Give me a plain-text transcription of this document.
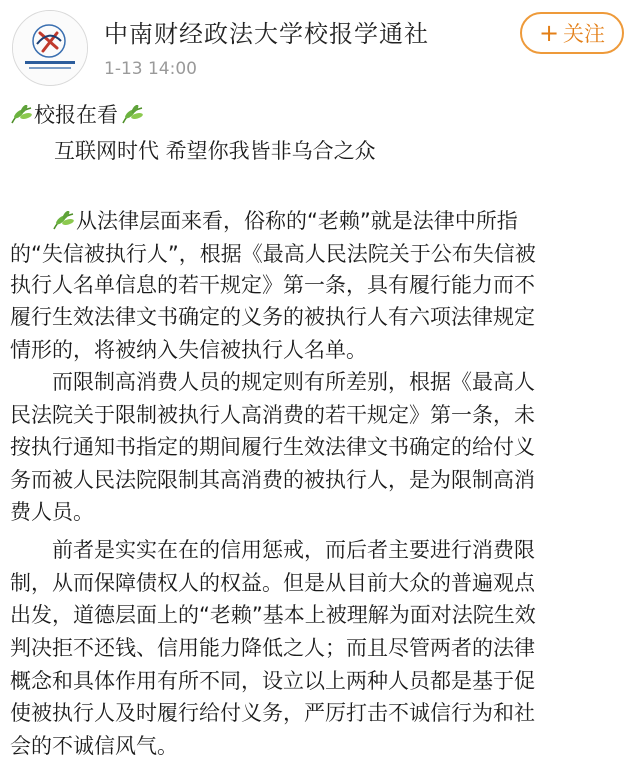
中南财经政法大学校报学通社
1-13 14:00
+ 关注
校报在看
互联网时代 希望你我皆非乌合之众
从法律层面来看，俗称的“老赖”就是法律中所指
的“失信被执行人”，根据《最高人民法院关于公布失信被
执行人名单信息的若干规定》第一条，具有履行能力而不
履行生效法律文书确定的义务的被执行人有六项法律规定
情形的，将被纳入失信被执行人名单。
而限制高消费人员的规定则有所差别，根据《最高人
民法院关于限制被执行人高消费的若干规定》第一条，未
按执行通知书指定的期间履行生效法律文书确定的给付义
务而被人民法院限制其高消费的被执行人，是为限制高消
费人员。
前者是实实在在的信用惩戒，而后者主要进行消费限
制，从而保障债权人的权益。但是从目前大众的普遍观点
出发，道德层面上的“老赖”基本上被理解为面对法院生效
判决拒不还钱、信用能力降低之人；而且尽管两者的法律
概念和具体作用有所不同，设立以上两种人员都是基于促
使被执行人及时履行给付义务，严厉打击不诚信行为和社
会的不诚信风气。
